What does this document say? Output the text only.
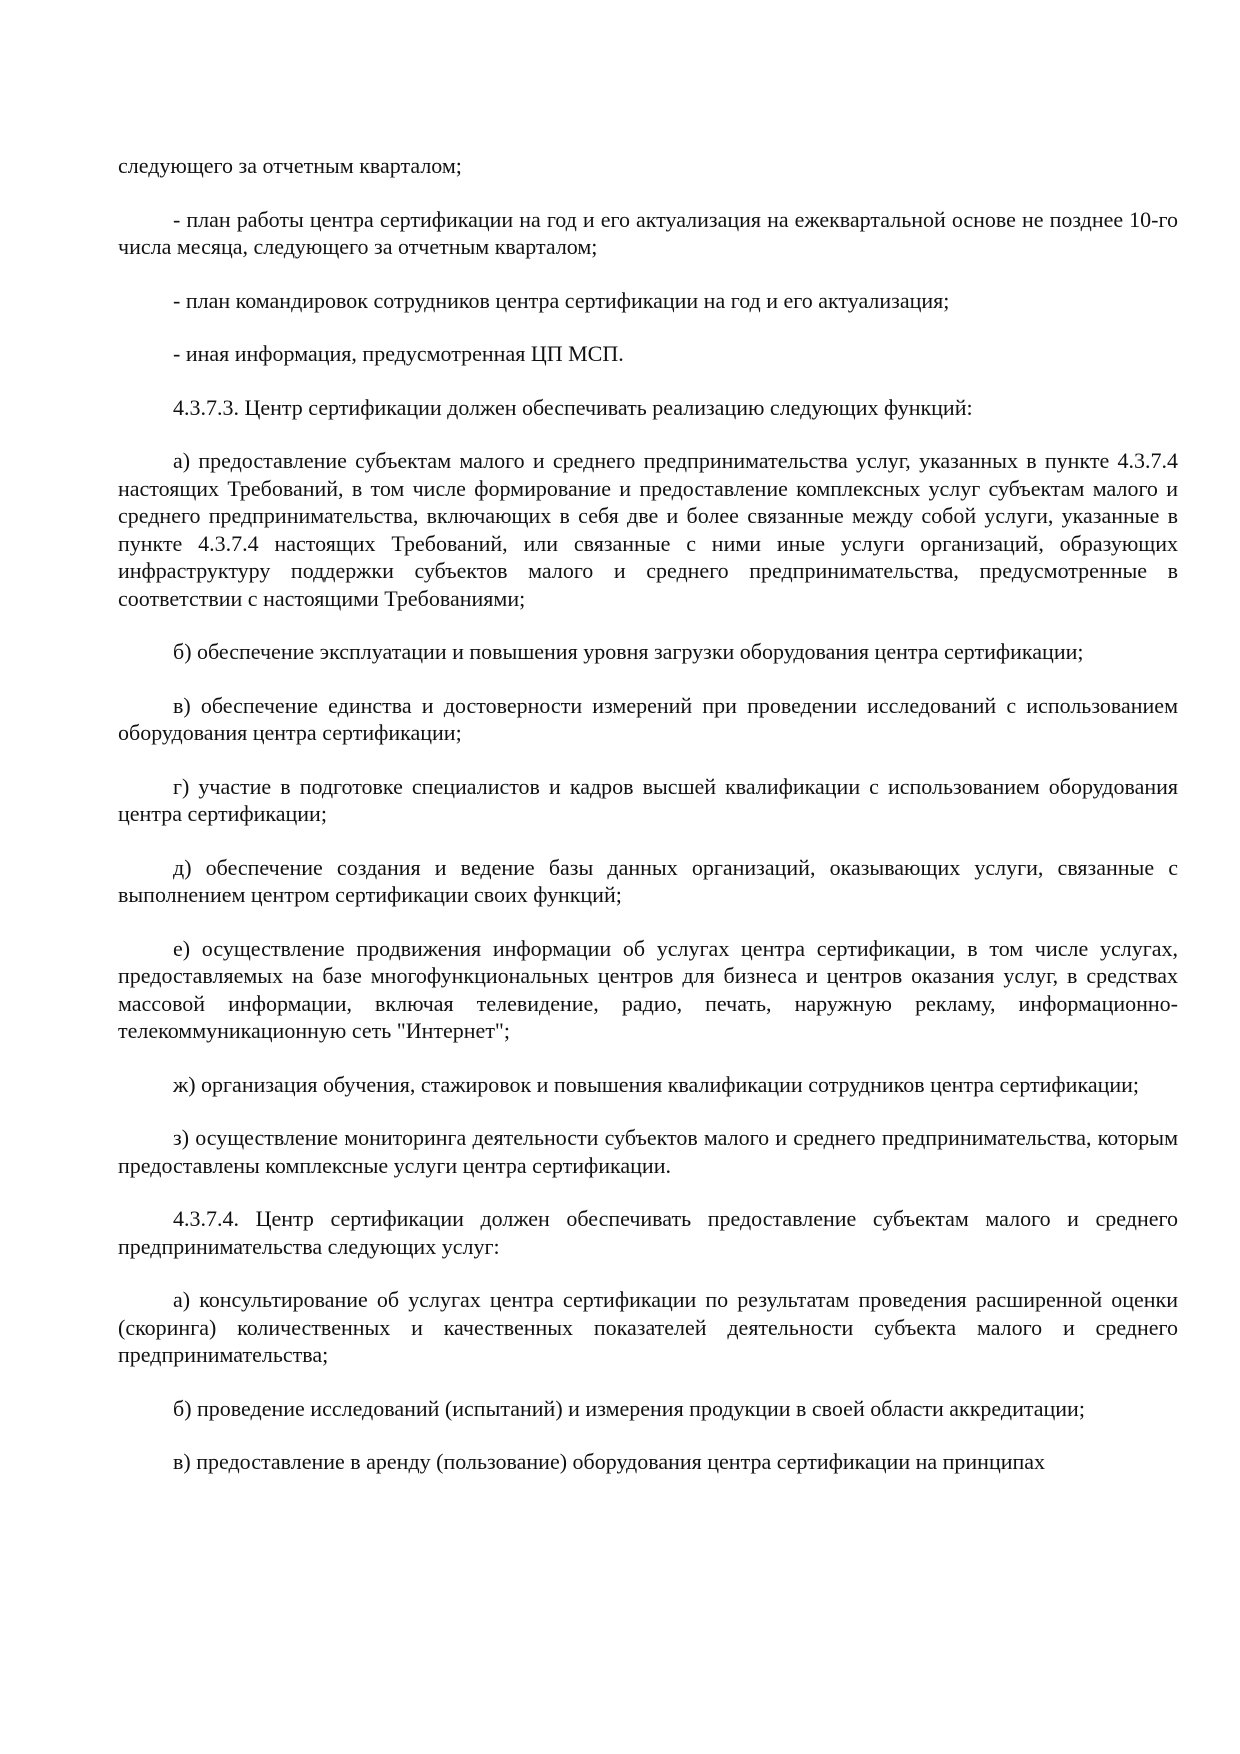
следующего за отчетным кварталом;

- план работы центра сертификации на год и его актуализация на ежеквартальной основе не позднее 10-го числа месяца, следующего за отчетным кварталом;

- план командировок сотрудников центра сертификации на год и его актуализация;

- иная информация, предусмотренная ЦП МСП.

4.3.7.3. Центр сертификации должен обеспечивать реализацию следующих функций:

а) предоставление субъектам малого и среднего предпринимательства услуг, указанных в пункте 4.3.7.4 настоящих Требований, в том числе формирование и предоставление комплексных услуг субъектам малого и среднего предпринимательства, включающих в себя две и более связанные между собой услуги, указанные в пункте 4.3.7.4 настоящих Требований, или связанные с ними иные услуги организаций, образующих инфраструктуру поддержки субъектов малого и среднего предпринимательства, предусмотренные в соответствии с настоящими Требованиями;

б) обеспечение эксплуатации и повышения уровня загрузки оборудования центра сертификации;

в) обеспечение единства и достоверности измерений при проведении исследований с использованием оборудования центра сертификации;

г) участие в подготовке специалистов и кадров высшей квалификации с использованием оборудования центра сертификации;

д) обеспечение создания и ведение базы данных организаций, оказывающих услуги, связанные с выполнением центром сертификации своих функций;

е) осуществление продвижения информации об услугах центра сертификации, в том числе услугах, предоставляемых на базе многофункциональных центров для бизнеса и центров оказания услуг, в средствах массовой информации, включая телевидение, радио, печать, наружную рекламу, информационно-телекоммуникационную сеть "Интернет";

ж) организация обучения, стажировок и повышения квалификации сотрудников центра сертификации;

з) осуществление мониторинга деятельности субъектов малого и среднего предпринимательства, которым предоставлены комплексные услуги центра сертификации.

4.3.7.4. Центр сертификации должен обеспечивать предоставление субъектам малого и среднего предпринимательства следующих услуг:

а) консультирование об услугах центра сертификации по результатам проведения расширенной оценки (скоринга) количественных и качественных показателей деятельности субъекта малого и среднего предпринимательства;

б) проведение исследований (испытаний) и измерения продукции в своей области аккредитации;

в) предоставление в аренду (пользование) оборудования центра сертификации на принципах
